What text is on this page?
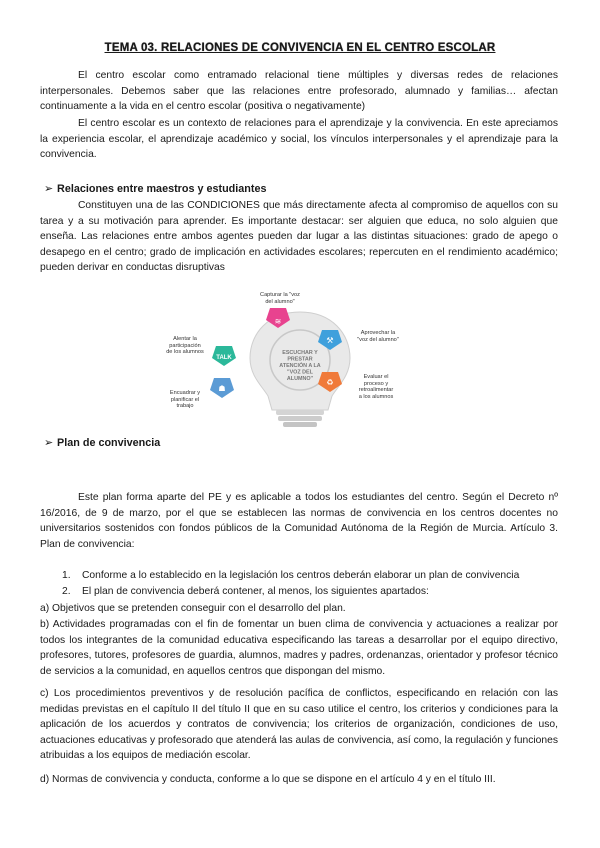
TEMA 03. RELACIONES DE CONVIVENCIA EN EL CENTRO ESCOLAR
El centro escolar como entramado relacional tiene múltiples y diversas redes de relaciones interpersonales. Debemos saber que las relaciones entre profesorado, alumnado y familias… afectan continuamente a la vida en el centro escolar (positiva o negativamente)
El centro escolar es un contexto de relaciones para el aprendizaje y la convivencia. En este apreciamos la experiencia escolar, el aprendizaje académico y social, los vínculos interpersonales y el aprendizaje para la convivencia.
➢ Relaciones entre maestros y estudiantes
Constituyen una de las CONDICIONES que más directamente afecta al compromiso de aquellos con su tarea y a su motivación para aprender. Es importante destacar: ser alguien que educa, no solo alguien que enseña. Las relaciones entre ambos agentes pueden dar lugar a las distintas situaciones: grado de apego o desapego en el centro; grado de implicación en actividades escolares; repercuten en el rendimiento académico; pueden derivar en conductas disruptivas
ESCUCHAR Y
PRESTAR
ATENCIÓN A LA
"VOZ DEL
ALUMNO"
≋
⚒
♻
TALK
☗
Capturar la "voz
del alumno"
Aprovechar la
"voz del alumno"
Evaluar el
proceso y
retroalimentar
a los alumnos
Alentar la
participación
de los alumnos
Encuadrar y
planificar el
trabajo
➢ Plan de convivencia
Este plan forma aparte del PE y es aplicable a todos los estudiantes del centro. Según el Decreto nº 16/2016, de 9 de marzo, por el que se establecen las normas de convivencia en los centros docentes no universitarios sostenidos con fondos públicos de la Comunidad Autónoma de la Región de Murcia. Artículo 3. Plan de convivencia:
1. Conforme a lo establecido en la legislación los centros deberán elaborar un plan de convivencia
2. El plan de convivencia deberá contener, al menos, los siguientes apartados:
a) Objetivos que se pretenden conseguir con el desarrollo del plan.
b) Actividades programadas con el fin de fomentar un buen clima de convivencia y actuaciones a realizar por todos los integrantes de la comunidad educativa especificando las tareas a desarrollar por el equipo directivo, profesores, tutores, profesores de guardia, alumnos, madres y padres, ordenanzas, orientador y profesor técnico de servicios a la comunidad, en aquellos centros que dispongan del mismo.
c) Los procedimientos preventivos y de resolución pacífica de conflictos, especificando en relación con las medidas previstas en el capítulo II del título II que en su caso utilice el centro, los criterios y condiciones para la aplicación de los acuerdos y contratos de convivencia; los criterios de organización, condiciones de uso, actuaciones educativas y profesorado que atenderá las aulas de convivencia, así como, la regulación y funciones atribuidas a los equipos de mediación escolar.
d) Normas de convivencia y conducta, conforme a lo que se dispone en el artículo 4 y en el título III.
